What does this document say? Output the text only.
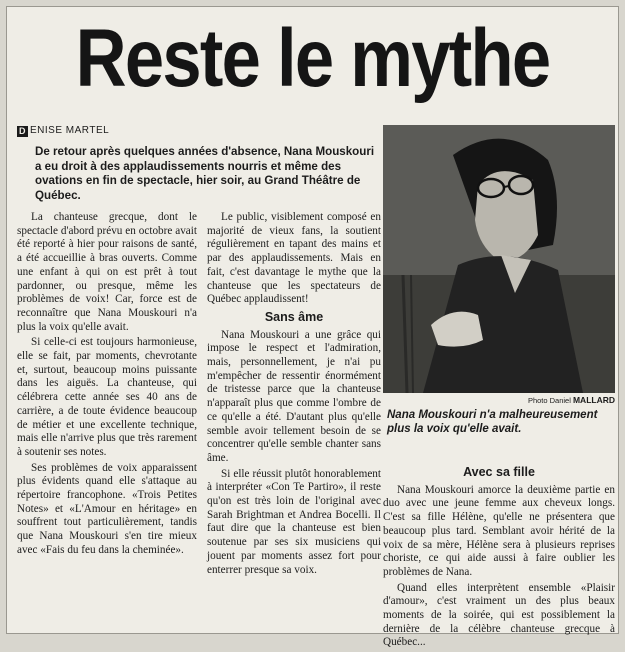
Reste le mythe
D ENISE MARTEL
De retour après quelques années d'absence, Nana Mouskouri a eu droit à des applaudissements nourris et même des ovations en fin de spectacle, hier soir, au Grand Théâtre de Québec.

La chanteuse grecque, dont le spectacle d'abord prévu en octobre avait été reporté à hier pour raisons de santé, a été accueillie à bras ouverts. Comme une enfant à qui on est prêt à tout pardonner, ou presque, même les problèmes de voix! Car, force est de reconnaître que Nana Mouskouri n'a plus la voix qu'elle avait.

Si celle-ci est toujours harmonieuse, elle se fait, par moments, chevrotante et, surtout, beaucoup moins puissante dans les aiguës. La chanteuse, qui célébrera cette année ses 40 ans de carrière, a de toute évidence beaucoup de métier et une excellente technique, mais elle n'arrive plus que très rarement à soutenir ses notes.

Ses problèmes de voix apparaissent plus évidents quand elle s'attaque au répertoire francophone. «Trois Petites Notes» et «L'Amour en héritage» en souffrent tout particulièrement, tandis que Nana Mouskouri s'en tire mieux avec «Fais du feu dans la cheminée».

Le public, visiblement composé en majorité de vieux fans, la soutient régulièrement en tapant des mains et par des applaudissements. Mais en fait, c'est davantage le mythe que la chanteuse que les spectateurs de Québec applaudissent!

Sans âme

Nana Mouskouri a une grâce qui impose le respect et l'admiration, mais, personnellement, je n'ai pu m'empêcher de ressentir énormément de tristesse parce que la chanteuse n'apparaît plus que comme l'ombre de ce qu'elle a été. D'autant plus qu'elle semble avoir tellement besoin de se concentrer qu'elle semble chanter sans âme.

Si elle réussit plutôt honorablement à interpréter «Con Te Partiro», il reste qu'on est très loin de l'original avec Sarah Brightman et Andrea Bocelli. Il faut dire que la chanteuse est bien soutenue par ses six musiciens qui jouent par moments assez fort pour enterrer presque sa voix.

Photo Daniel MALLARD
Nana Mouskouri n'a malheureusement plus la voix qu'elle avait.
Avec sa fille

Nana Mouskouri amorce la deuxième partie en duo avec une jeune femme aux cheveux longs. C'est sa fille Hélène, qu'elle ne présentera que beaucoup plus tard. Semblant avoir hérité de la voix de sa mère, Hélène sera à plusieurs reprises choriste, ce qui aide aussi à faire oublier les problèmes de Nana.

Quand elles interprètent ensemble «Plaisir d'amour», c'est vraiment un des plus beaux moments de la soirée, qui est possiblement la dernière de la célèbre chanteuse grecque à Québec...
